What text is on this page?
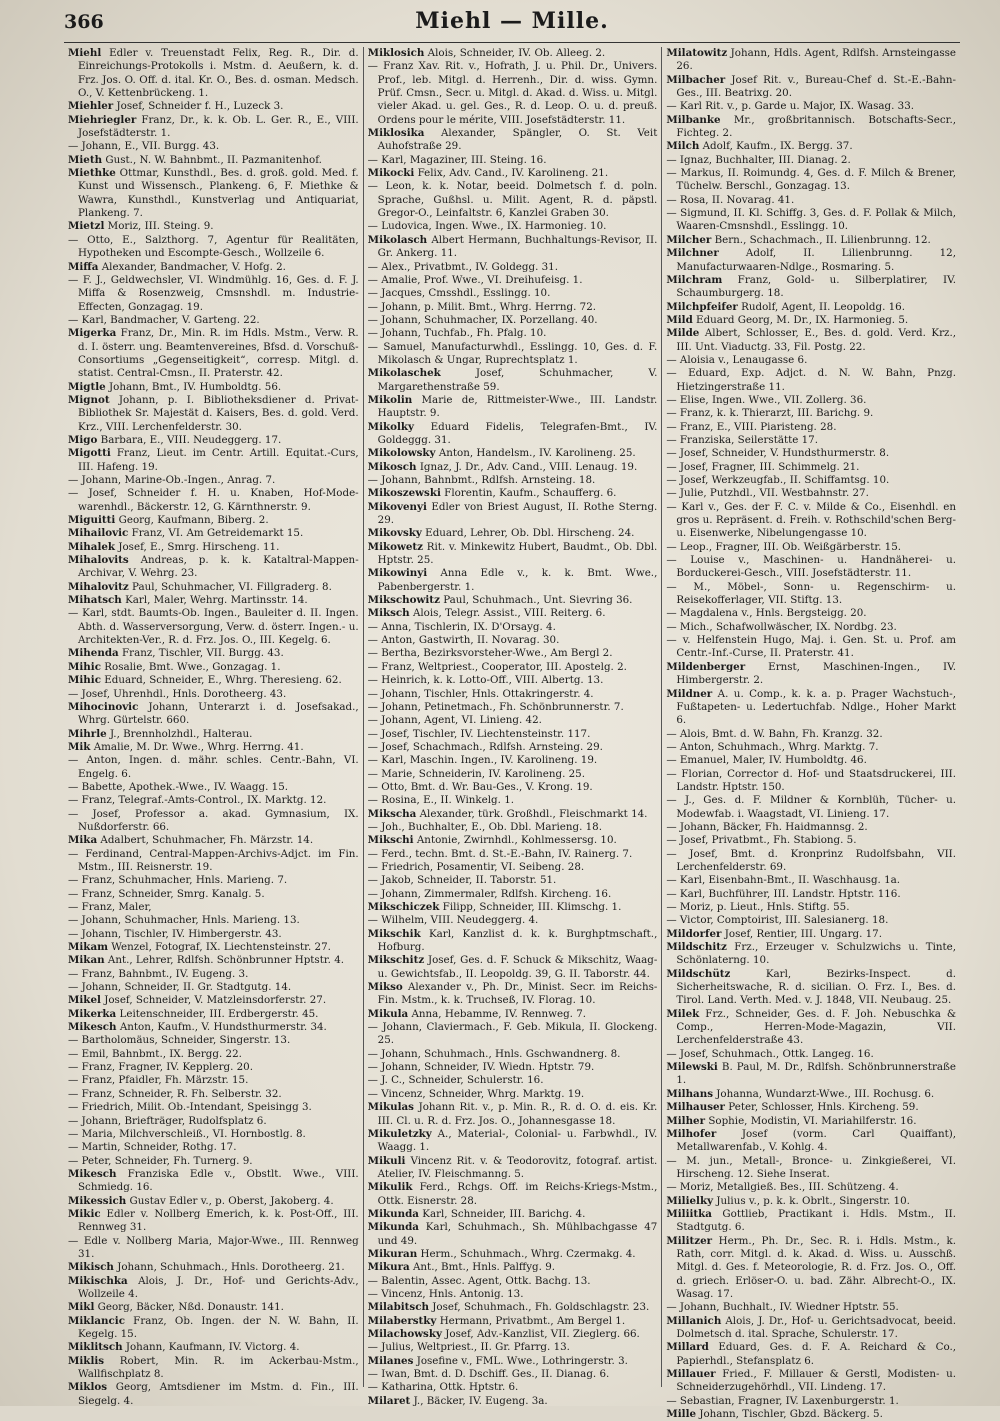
366	Miehl — Mille.

Miehl Edler v. Treuenstadt Felix, Reg. R., Dir. d. Einreichungs-Protokolls i. Mstm. d. Aeußern, k. d. Frz. Jos. O. Off. d. ital. Kr. O., Bes. d. osman. Medsch. O., V. Kettenbrückeng. 1.

Miehler Josef, Schneider f. H., Luzeck 3.

Miehriegler Franz, Dr., k. k. Ob. L. Ger. R., E., VIII. Josefstädterstr. 1.

— Johann, E., VII. Burgg. 43.

Mieth Gust., N. W. Bahnbmt., II. Pazmanitenhof.

Miethke Ottmar, Kunsthdl., Bes. d. groß. gold. Med. f. Kunst und Wissensch., Plankeng. 6, F. Miethke & Wawra, Kunsthdl., Kunstverlag und Antiquariat, Plankeng. 7.

Mietzl Moriz, III. Steing. 9.

— Otto, E., Salzthorg. 7, Agentur für Realitäten, Hypotheken und Escompte-Gesch., Wollzeile 6.

Miffa Alexander, Bandmacher, V. Hofg. 2.

— F. J., Geldwechsler, VI. Windmühlg. 16, Ges. d. F. J. Miffa & Rosenzweig, Cmsnshdl. m. Industrie-Effecten, Gonzagag. 19.

— Karl, Bandmacher, V. Garteng. 22.

Migerka Franz, Dr., Min. R. im Hdls. Mstm., Verw. R. d. I. österr. ung. Beamtenvereines, Bfsd. d. Vorschuß-Consortiums „Gegenseitigkeit“, corresp. Mitgl. d. statist. Central-Cmsn., II. Praterstr. 42.

Migtle Johann, Bmt., IV. Humboldtg. 56.

Mignot Johann, p. I. Bibliotheksdiener d. Privat-Bibliothek Sr. Majestät d. Kaisers, Bes. d. gold. Verd. Krz., VIII. Lerchenfelderstr. 30.

Migo Barbara, E., VIII. Neudeggerg. 17.

Migotti Franz, Lieut. im Centr. Artill. Equitat.-Curs, III. Hafeng. 19.

— Johann, Marine-Ob.-Ingen., Anrag. 7.

— Josef, Schneider f. H. u. Knaben, Hof-Mode-warenhdl., Bäckerstr. 12, G. Kärnthnerstr. 9.

Miguitti Georg, Kaufmann, Biberg. 2.

Mihailovic Franz, VI. Am Getreidemarkt 15.

Mihalek Josef, E., Smrg. Hirscheng. 11.

Mihalovits Andreas, p. k. k. Kataltral-Mappen-Archivar, V. Wehrg. 23.

Mihalovitz Paul, Schuhmacher, VI. Fillgraderg. 8.

Mihatsch Karl, Maler, Wehrg. Martinsstr. 14.

— Karl, stdt. Baumts-Ob. Ingen., Bauleiter d. II. Ingen. Abth. d. Wasserversorgung, Verw. d. österr. Ingen.- u. Architekten-Ver., R. d. Frz. Jos. O., III. Kegelg. 6.

Mihenda Franz, Tischler, VII. Burgg. 43.

Mihic Rosalie, Bmt. Wwe., Gonzagag. 1.

Mihic Eduard, Schneider, E., Whrg. Theresieng. 62.

— Josef, Uhrenhdl., Hnls. Dorotheerg. 43.

Mihocinovic Johann, Unterarzt i. d. Josefsakad., Whrg. Gürtelstr. 660.

Mihrle J., Brennholzhdl., Halterau.

Mik Amalie, M. Dr. Wwe., Whrg. Herrng. 41.

— Anton, Ingen. d. mähr. schles. Centr.-Bahn, VI. Engelg. 6.

— Babette, Apothek.-Wwe., IV. Waagg. 15.

— Franz, Telegraf.-Amts-Control., IX. Marktg. 12.

— Josef, Professor a. akad. Gymnasium, IX. Nußdorferstr. 66.

Mika Adalbert, Schuhmacher, Fh. Märzstr. 14.

— Ferdinand, Central-Mappen-Archivs-Adjct. im Fin. Mstm., III. Reisnerstr. 19.

— Franz, Schuhmacher, Hnls. Marieng. 7.

— Franz, Schneider, Smrg. Kanalg. 5.

— Franz, Maler,

— Johann, Schuhmacher, Hnls. Marieng. 13.

— Johann, Tischler, IV. Himbergerstr. 43.

Mikam Wenzel, Fotograf, IX. Liechtensteinstr. 27.

Mikan Ant., Lehrer, Rdlfsh. Schönbrunner Hptstr. 4.

— Franz, Bahnbmt., IV. Eugeng. 3.

— Johann, Schneider, II. Gr. Stadtgutg. 14.

Mikel Josef, Schneider, V. Matzleinsdorferstr. 27.

Mikerka Leitenschneider, III. Erdbergerstr. 45.

Mikesch Anton, Kaufm., V. Hundsthurmerstr. 34.

— Bartholomäus, Schneider, Singerstr. 13.

— Emil, Bahnbmt., IX. Bergg. 22.

— Franz, Fragner, IV. Kepplerg. 20.

— Franz, Pfaidler, Fh. Märzstr. 15.

— Franz, Schneider, R. Fh. Selberstr. 32.

— Friedrich, Milit. Ob.-Intendant, Speisingg 3.

— Johann, Briefträger, Rudolfsplatz 6.

— Maria, Milchverschleiß., VI. Hornbostlg. 8.

— Martin, Schneider, Rothg. 17.

— Peter, Schneider, Fh. Turnerg. 9.

Mikesch Franziska Edle v., Obstlt. Wwe., VIII. Schmiedg. 16.

Mikessich Gustav Edler v., p. Oberst, Jakoberg. 4.

Mikic Edler v. Nollberg Emerich, k. k. Post-Off., III. Rennweg 31.

— Edle v. Nollberg Maria, Major-Wwe., III. Rennweg 31.

Mikisch Johann, Schuhmach., Hnls. Dorotheerg. 21.

Mikischka Alois, J. Dr., Hof- und Gerichts-Adv., Wollzeile 4.

Mikl Georg, Bäcker, Nßd. Donaustr. 141.

Miklancic Franz, Ob. Ingen. der N. W. Bahn, II. Kegelg. 15.

Miklitsch Johann, Kaufmann, IV. Victorg. 4.

Miklis Robert, Min. R. im Ackerbau-Mstm., Wallfischplatz 8.

Miklos Georg, Amtsdiener im Mstm. d. Fin., III. Siegelg. 4.

Miklosich Alois, Schneider, IV. Ob. Alleeg. 2.

— Franz Xav. Rit. v., Hofrath, J. u. Phil. Dr., Univers. Prof., leb. Mitgl. d. Herrenh., Dir. d. wiss. Gymn. Prüf. Cmsn., Secr. u. Mitgl. d. Akad. d. Wiss. u. Mitgl. vieler Akad. u. gel. Ges., R. d. Leop. O. u. d. preuß. Ordens pour le mérite, VIII. Josefstädterstr. 11.

Miklosika Alexander, Spängler, O. St. Veit Auhofstraße 29.

— Karl, Magaziner, III. Steing. 16.

Mikocki Felix, Adv. Cand., IV. Karolineng. 21.

— Leon, k. k. Notar, beeid. Dolmetsch f. d. poln. Sprache, Gußhsl. u. Milit. Agent, R. d. päpstl. Gregor-O., Leinfaltstr. 6, Kanzlei Graben 30.

— Ludovica, Ingen. Wwe., IX. Harmonieg. 10.

Mikolasch Albert Hermann, Buchhaltungs-Revisor, II. Gr. Ankerg. 11.

— Alex., Privatbmt., IV. Goldegg. 31.

— Amalie, Prof. Wwe., VI. Dreihufeisg. 1.

— Jacques, Cmsshdl., Esslingg. 10.

— Johann, p. Milit. Bmt., Whrg. Herrng. 72.

— Johann, Schuhmacher, IX. Porzellang. 40.

— Johann, Tuchfab., Fh. Pfalg. 10.

— Samuel, Manufacturwhdl., Esslingg. 10, Ges. d. F. Mikolasch & Ungar, Ruprechtsplatz 1.

Mikolaschek	Josef, Schuhmacher, V. Margarethenstraße 59.

Mikolin Marie de, Rittmeister-Wwe., III. Landstr. Hauptstr. 9.

Mikolky Eduard Fidelis, Telegrafen-Bmt., IV. Goldeggg. 31.

Mikolowsky Anton, Handelsm., IV. Karolineng. 25.

Mikosch Ignaz, J. Dr., Adv. Cand., VIII. Lenaug. 19.

— Johann, Bahnbmt., Rdlfsh. Arnsteing. 18.

Mikoszewski Florentin, Kaufm., Schaufferg. 6.

Mikovenyi Edler von Briest August, II. Rothe Sterng. 29.

Mikovsky Eduard, Lehrer, Ob. Dbl. Hirscheng. 24.

Mikowetz Rit. v. Minkewitz Hubert, Baudmt., Ob. Dbl. Hptstr. 25.

Mikowinyi Anna Edle v., k. k. Bmt. Wwe., Pabenbergerstr. 1.

Mikschowitz Paul, Schuhmach., Unt. Sievring 36.

Miksch Alois, Telegr. Assist., VIII. Reiterg. 6.

— Anna, Tischlerin, IX. D'Orsayg. 4.

— Anton, Gastwirth, II. Novarag. 30.

— Bertha, Bezirksvorsteher-Wwe., Am Bergl 2.

— Franz, Weltpriest., Cooperator, III. Apostelg. 2.

— Heinrich, k. k. Lotto-Off., VIII. Albertg. 13.

— Johann, Tischler, Hnls. Ottakringerstr. 4.

— Johann, Petinetmach., Fh. Schönbrunnerstr. 7.

— Johann, Agent, VI. Linieng. 42.

— Josef, Tischler, IV. Liechtensteinstr. 117.

— Josef, Schachmach., Rdlfsh. Arnsteing. 29.

— Karl, Maschin. Ingen., IV. Karolineng. 19.

— Marie, Schneiderin, IV. Karolineng. 25.

— Otto, Bmt. d. Wr. Bau-Ges., V. Krong. 19.

— Rosina, E., II. Winkelg. 1.

Mikscha Alexander, türk. Großhdl., Fleischmarkt 14.

— Joh., Buchhalter, E., Ob. Dbl. Marieng. 18.

Mikschi Antonie, Zwirnhdl., Kohlmessersg. 10.

— Ferd., techn. Bmt. d. St.-E.-Bahn, IV. Rainerg. 7.

— Friedrich, Posamentir, VI. Seibeng. 28.

— Jakob, Schneider, II. Taborstr. 51.

— Johann, Zimmermaler, Rdlfsh. Kircheng. 16.

Mikschiczek Filipp, Schneider, III. Klimschg. 1.

— Wilhelm, VIII. Neudeggerg. 4.

Mikschik Karl, Kanzlist d. k. k. Burghptmschaft., Hofburg.

Mikschitz Josef, Ges. d. F. Schuck & Mikschitz, Waag- u. Gewichtsfab., II. Leopoldg. 39, G. II. Taborstr. 44.

Mikso Alexander v., Ph. Dr., Minist. Secr. im Reichs-Fin. Mstm., k. k. Truchseß, IV. Florag. 10.

Mikula Anna, Hebamme, IV. Rennweg. 7.

— Johann, Claviermach., F. Geb. Mikula, II. Glockeng. 25.

— Johann, Schuhmach., Hnls. Gschwandnerg. 8.

— Johann, Schneider, IV. Wiedn. Hptstr. 79.

— J. C., Schneider, Schulerstr. 16.

— Vincenz, Schneider, Whrg. Marktg. 19.

Mikulas Johann Rit. v., p. Min. R., R. d. O. d. eis. Kr. III. Cl. u. R. d. Frz. Jos. O., Johannesgasse 18.

Mikuletzky A., Material-, Colonial- u. Farbwhdl., IV. Waagg. 1.

Mikuli Vincenz Rit. v. & Teodorovitz, fotograf. artist. Atelier, IV. Fleischmanng. 5.

Mikulik Ferd., Rchgs. Off. im Reichs-Kriegs-Mstm., Ottk. Eisnerstr. 28.

Mikunda Karl, Schneider, III. Barichg. 4.

Mikunda Karl, Schuhmach., Sh. Mühlbachgasse 47 und 49.

Mikuran Herm., Schuhmach., Whrg. Czermakg. 4.

Mikura Ant., Bmt., Hnls. Palffyg. 9.

— Balentin, Assec. Agent, Ottk. Bachg. 13.

— Vincenz, Hnls. Antonig. 13.

Milabitsch Josef, Schuhmach., Fh. Goldschlagstr. 23.

Milaberstky Hermann, Privatbmt., Am Bergel 1.

Milachowsky Josef, Adv.-Kanzlist, VII. Zieglerg. 66.

— Julius, Weltpriest., II. Gr. Pfarrg. 13.

Milanes Josefine v., FML. Wwe., Lothringerstr. 3.

— Iwan, Bmt. d. D. Dschiff. Ges., II. Dianag. 6.

— Katharina, Ottk. Hptstr. 6.

Milaret J., Bäcker, IV. Eugeng. 3a.

Milatowitz Johann, Hdls. Agent, Rdlfsh. Arnsteingasse 26.

Milbacher Josef Rit. v., Bureau-Chef d. St.-E.-Bahn-Ges., III. Beatrixg. 20.

— Karl Rit. v., p. Garde u. Major, IX. Wasag. 33.

Milbanke Mr., großbritannisch. Botschafts-Secr., Fichteg. 2.

Milch Adolf, Kaufm., IX. Bergg. 37.

— Ignaz, Buchhalter, III. Dianag. 2.

— Markus, II. Roimundg. 4, Ges. d. F. Milch & Brener, Tüchelw. Berschl., Gonzagag. 13.

— Rosa, II. Novarag. 41.

— Sigmund, II. Kl. Schiffg. 3, Ges. d. F. Pollak & Milch, Waaren-Cmsnshdl., Esslingg. 10.

Milcher Bern., Schachmach., II. Lilienbrunng. 12.

Milchner	Adolf, II. Lilienbrunng. 12, Manufacturwaaren-Ndlge., Rosmaring. 5.

Milchram Franz, Gold- u. Silberplatirer, IV. Schaumburgerg. 18.

Milchpfeifer Rudolf, Agent, II. Leopoldg. 16.

Mild Eduard Georg, M. Dr., IX. Harmonieg. 5.

Milde Albert, Schlosser, E., Bes. d. gold. Verd. Krz., III. Unt. Viaductg. 33, Fil. Postg. 22.

— Aloisia v., Lenaugasse 6.

— Eduard, Exp. Adjct. d. N. W. Bahn, Pnzg. Hietzingerstraße 11.

— Elise, Ingen. Wwe., VII. Zollerg. 36.

— Franz, k. k. Thierarzt, III. Barichg. 9.

— Franz, E., VIII. Piaristeng. 28.

— Franziska, Seilerstätte 17.

— Josef, Schneider, V. Hundsthurmerstr. 8.

— Josef, Fragner, III. Schimmelg. 21.

— Josef, Werkzeugfab., II. Schiffamtsg. 10.

— Julie, Putzhdl., VII. Westbahnstr. 27.

— Karl v., Ges. der F. C. v. Milde & Co., Eisenhdl. en gros u. Repräsent. d. Freih. v. Rothschild'schen Berg- u. Eisenwerke, Nibelungengasse 10.

— Leop., Fragner, III. Ob. Weißgärberstr. 15.

— Louise v., Maschinen- u. Handnäherei- u. Borduckerei-Gesch., VIII. Josefstädterstr. 11.

— M., Möbel-, Sonn- u. Regenschirm- u. Reisekofferlager, VII. Stiftg. 13.

— Magdalena v., Hnls. Bergsteigg. 20.

— Mich., Schafwollwäscher, IX. Nordbg. 23.

— v. Helfenstein Hugo, Maj. i. Gen. St. u. Prof. am Centr.-Inf.-Curse, II. Praterstr. 41.

Mildenberger Ernst, Maschinen-Ingen., IV. Himbergerstr. 2.

Mildner A. u. Comp., k. k. a. p. Prager Wachstuch-, Fußtapeten- u. Ledertuchfab. Ndlge., Hoher Markt 6.

— Alois, Bmt. d. W. Bahn, Fh. Kranzg. 32.

— Anton, Schuhmach., Whrg. Marktg. 7.

— Emanuel, Maler, IV. Humboldtg. 46.

— Florian, Corrector d. Hof- und Staatsdruckerei, III. Landstr. Hptstr. 150.

— J., Ges. d. F. Mildner & Kornblüh, Tücher- u. Modewfab. i. Waagstadt, VI. Linieng. 17.

— Johann, Bäcker, Fh. Haidmannsg. 2.

— Josef, Privatbmt., Fh. Stabiong. 5.

— Josef, Bmt. d. Kronprinz Rudolfsbahn, VII. Lerchenfelderstr. 69.

— Karl, Eisenbahn-Bmt., II. Waschhausg. 1a.

— Karl, Buchführer, III. Landstr. Hptstr. 116.

— Moriz, p. Lieut., Hnls. Stiftg. 55.

— Victor, Comptoirist, III. Salesianerg. 18.

Mildorfer Josef, Rentier, III. Ungarg. 17.

Mildschitz Frz., Erzeuger v. Schulzwichs u. Tinte, Schönlaterng. 10.

Mildschütz	Karl, Bezirks-Inspect. d. Sicherheitswache, R. d. sicilian. O. Frz. I., Bes. d. Tirol. Land. Verth. Med. v. J. 1848, VII. Neubaug. 25.

Milek Frz., Schneider, Ges. d. F. Joh. Nebuschka & Comp., Herren-Mode-Magazin, VII. Lerchenfelderstraße 43.

— Josef, Schuhmach., Ottk. Langeg. 16.

Milewski B. Paul, M. Dr., Rdlfsh. Schönbrunnerstraße 1.

Milhans Johanna, Wundarzt-Wwe., III. Rochusg. 6.

Milhauser Peter, Schlosser, Hnls. Kircheng. 59.

Milher Sophie, Modistin, VI. Mariahilferstr. 16.

Milhofer Josef (vorm. Carl Quaiffant), Metallwarenfab., V. Kohlg. 4.

— M. jun., Metall-, Bronce- u. Zinkgießerei, VI. Hirscheng. 12. Siehe Inserat.

— Moriz, Metallgieß. Bes., III. Schützeng. 4.

Milielky Julius v., p. k. k. Obrlt., Singerstr. 10.

Miliitka Gottlieb, Practikant i. Hdls. Mstm., II. Stadtgutg. 6.

Militzer Herm., Ph. Dr., Sec. R. i. Hdls. Mstm., k. Rath, corr. Mitgl. d. k. Akad. d. Wiss. u. Ausschß. Mitgl. d. Ges. f. Meteorologie, R. d. Frz. Jos. O., Off. d. griech. Erlöser-O. u. bad. Zähr. Albrecht-O., IX. Wasag. 17.

— Johann, Buchhalt., IV. Wiedner Hptstr. 55.

Millanich Alois, J. Dr., Hof- u. Gerichtsadvocat, beeid. Dolmetsch d. ital. Sprache, Schulerstr. 17.

Millard Eduard, Ges. d. F. A. Reichard & Co., Papierhdl., Stefansplatz 6.

Millauer Fried., F. Millauer & Gerstl, Modisten- u. Schneiderzugehörhdl., VII. Lindeng. 17.

— Sebastian, Fragner, IV. Laxenburgerstr. 1.

Mille Johann, Tischler, Gbzd. Bäckerg. 5.
